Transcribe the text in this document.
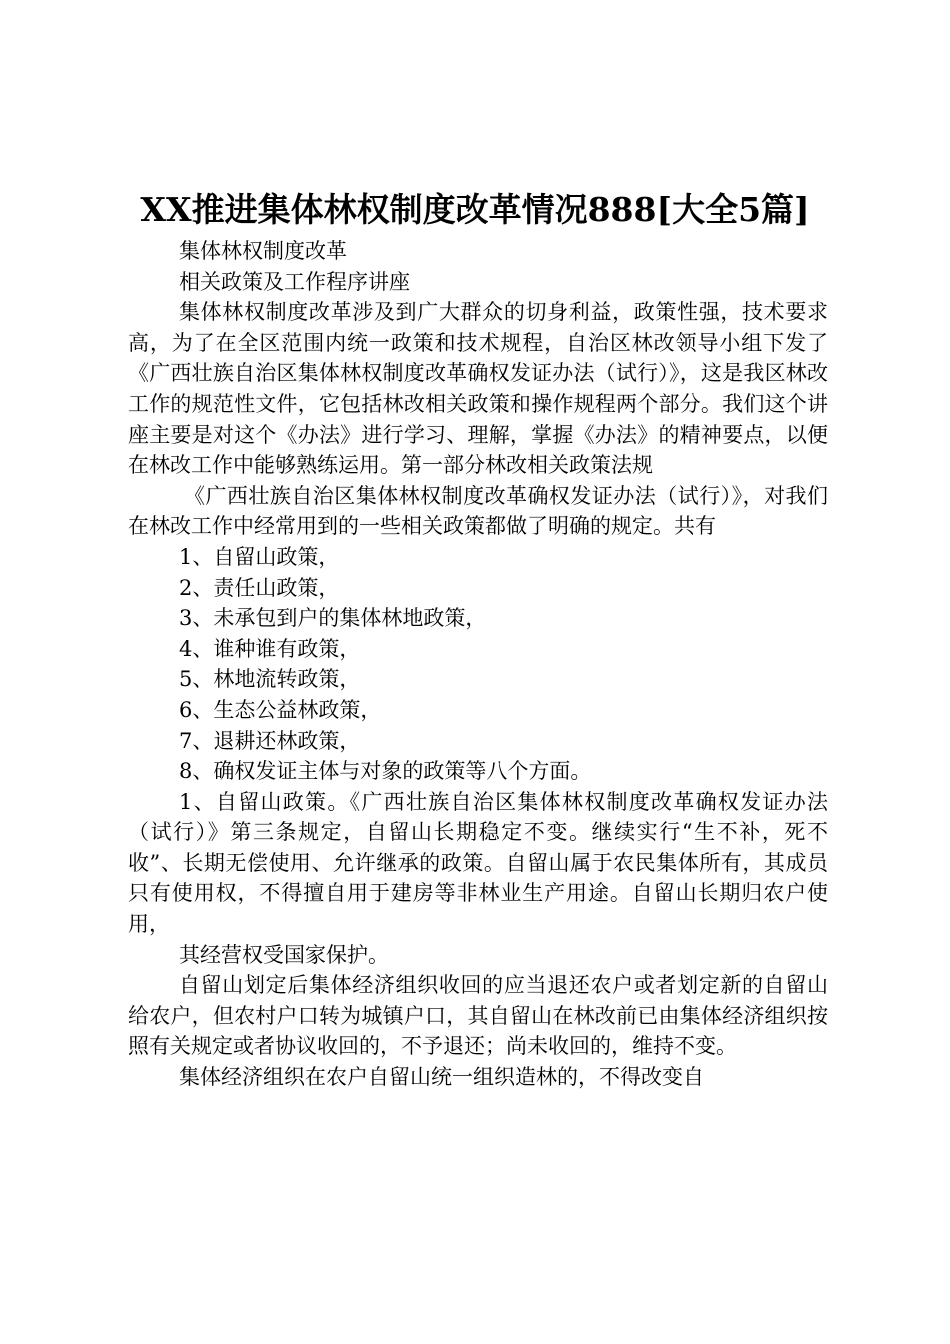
XX推进集体林权制度改革情况888[大全5篇]

集体林权制度改革

相关政策及工作程序讲座

集体林权制度改革涉及到广大群众的切身利益，政策性强，技术要求高，为了在全区范围内统一政策和技术规程，自治区林改领导小组下发了《广西壮族自治区集体林权制度改革确权发证办法（试行）》，这是我区林改工作的规范性文件，它包括林改相关政策和操作规程两个部分。我们这个讲座主要是对这个《办法》进行学习、理解，掌握《办法》的精神要点，以便在林改工作中能够熟练运用。第一部分林改相关政策法规

《广西壮族自治区集体林权制度改革确权发证办法（试行）》，对我们在林改工作中经常用到的一些相关政策都做了明确的规定。共有

1、自留山政策，

2、责任山政策，

3、未承包到户的集体林地政策，

4、谁种谁有政策，

5、林地流转政策，

6、生态公益林政策，

7、退耕还林政策，

8、确权发证主体与对象的政策等八个方面。

1、自留山政策。《广西壮族自治区集体林权制度改革确权发证办法（试行）》第三条规定，自留山长期稳定不变。继续实行“生不补，死不收”、长期无偿使用、允许继承的政策。自留山属于农民集体所有，其成员只有使用权，不得擅自用于建房等非林业生产用途。自留山长期归农户使用，

其经营权受国家保护。

自留山划定后集体经济组织收回的应当退还农户或者划定新的自留山给农户，但农村户口转为城镇户口，其自留山在林改前已由集体经济组织按照有关规定或者协议收回的，不予退还；尚未收回的，维持不变。

集体经济组织在农户自留山统一组织造林的，不得改变自
